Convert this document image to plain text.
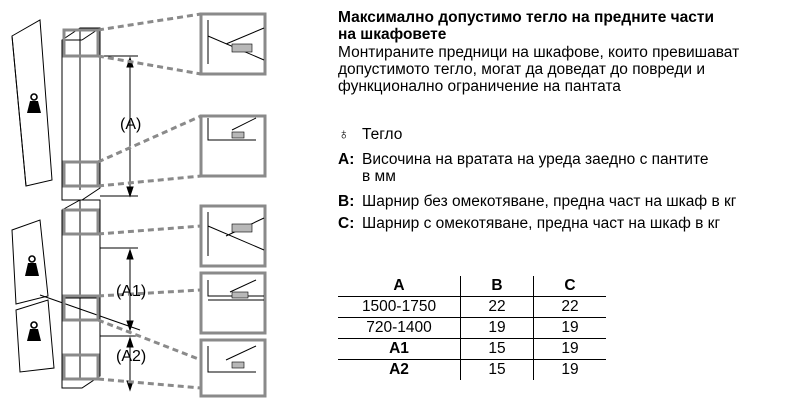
(A)
(A1)
(A2)
Максимално допустимо тегло на предните части
на шкафовете
Монтираните предници на шкафове, които превишават
допустимото тегло, могат да доведат до повреди и
функционално ограничение на пантата
♁ Тегло
A: Височина на вратата на уреда заедно с пантите
в мм
B: Шарнир без омекотяване, предна част на шкаф в кг
C: Шарнир с омекотяване, предна част на шкаф в кг
A	B	C
1500-1750	22	22
720-1400	19	19
A1	15	19
A2	15	19
